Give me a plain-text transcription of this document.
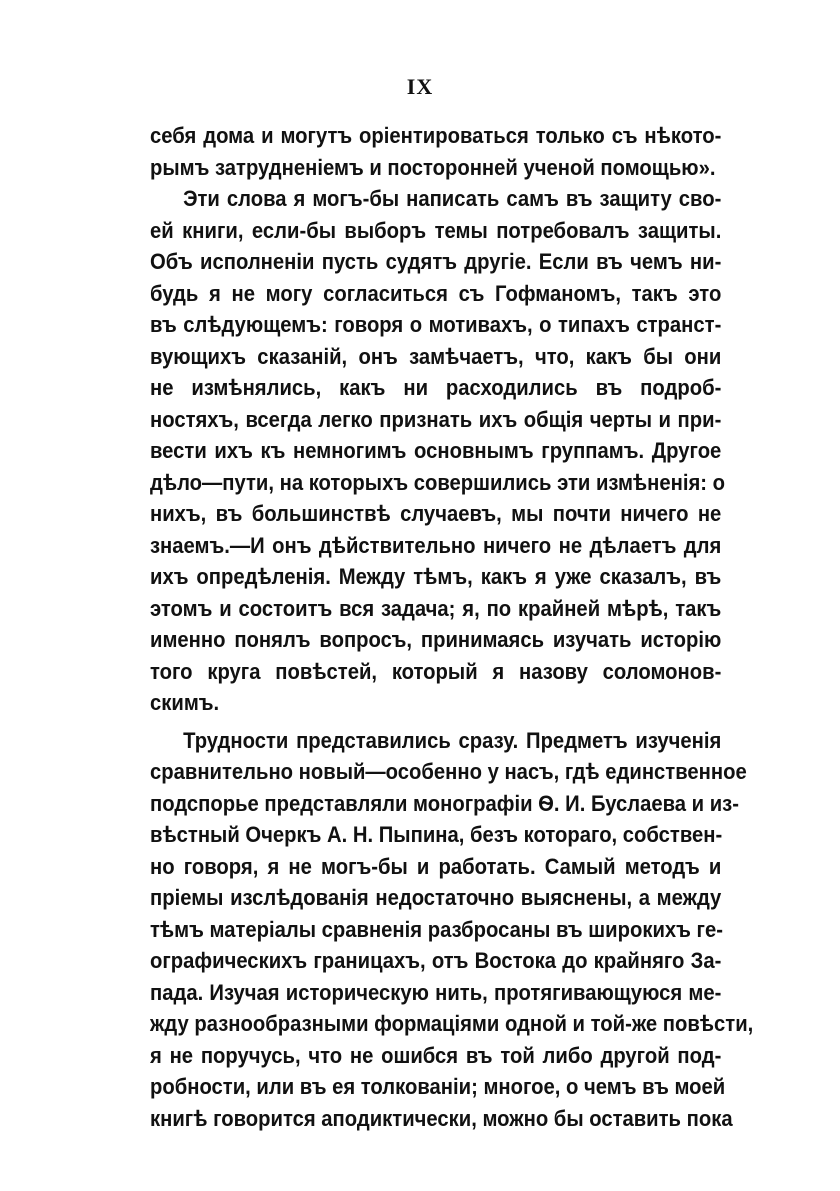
IX
себя дома и могутъ оріентироваться только съ нѣкото-
рымъ затрудненіемъ и посторонней ученой помощью».
Эти слова я могъ-бы написать самъ въ защиту сво-
ей книги, если-бы выборъ темы потребовалъ защиты.
Объ исполненіи пусть судятъ другіе. Если въ чемъ ни-
будь я не могу согласиться съ Гофманомъ, такъ это
въ слѣдующемъ: говоря о мотивахъ, о типахъ странст-
вующихъ сказаній, онъ замѣчаетъ, что, какъ бы они
не измѣнялись, какъ ни расходились въ подроб-
ностяхъ, всегда легко признать ихъ общія черты и при-
вести ихъ къ немногимъ основнымъ группамъ. Другое
дѣло—пути, на которыхъ совершились эти измѣненія: о
нихъ, въ большинствѣ случаевъ, мы почти ничего не
знаемъ.—И онъ дѣйствительно ничего не дѣлаетъ для
ихъ опредѣленія. Между тѣмъ, какъ я уже сказалъ, въ
этомъ и состоитъ вся задача; я, по крайней мѣрѣ, такъ
именно понялъ вопросъ, принимаясь изучать исторію
того круга повѣстей, который я назову соломонов-
скимъ.
Трудности представились сразу. Предметъ изученія
сравнительно новый—особенно у насъ, гдѣ единственное
подспорье представляли монографіи Ѳ. И. Буслаева и из-
вѣстный Очеркъ А. Н. Пыпина, безъ котораго, собствен-
но говоря, я не могъ-бы и работать. Самый методъ и
пріемы изслѣдованія недостаточно выяснены, а между
тѣмъ матеріалы сравненія разбросаны въ широкихъ ге-
ографическихъ границахъ, отъ Востока до крайняго За-
пада. Изучая историческую нить, протягивающуюся ме-
жду разнообразными формаціями одной и той-же повѣсти,
я не поручусь, что не ошибся въ той либо другой под-
робности, или въ ея толкованіи; многое, о чемъ въ моей
книгѣ говорится аподиктически, можно бы оставить пока
